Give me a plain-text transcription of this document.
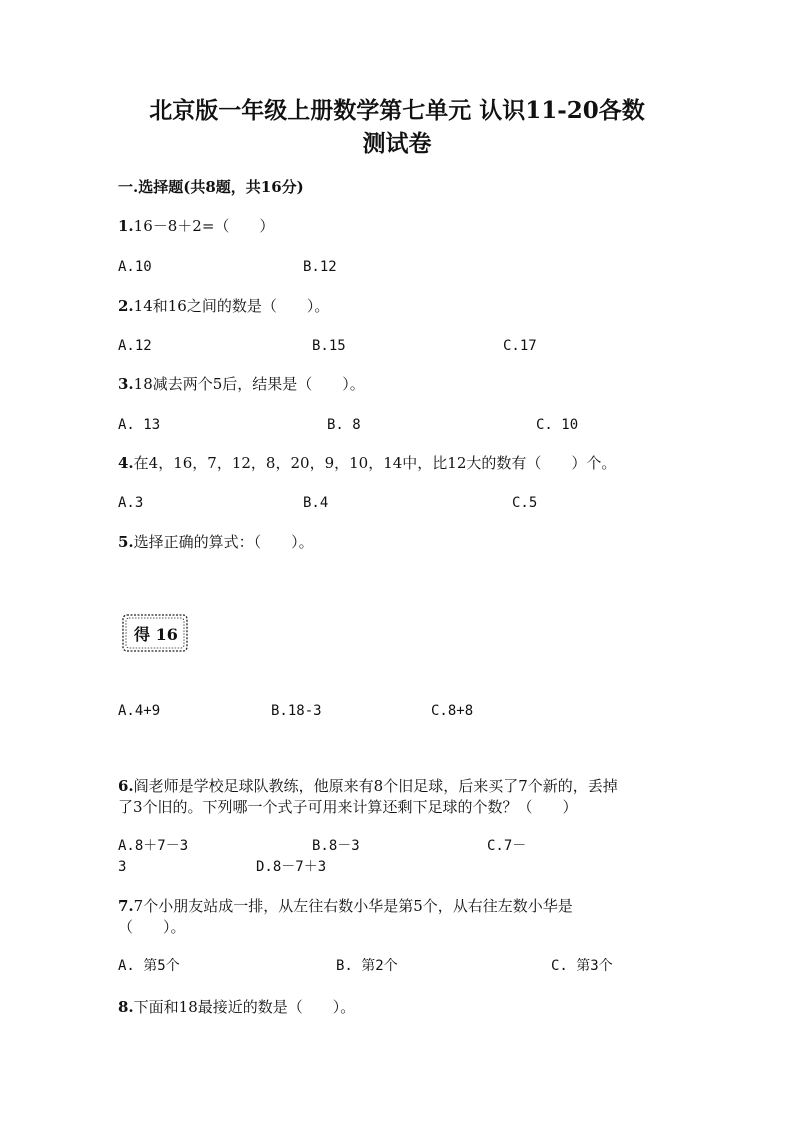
北京版一年级上册数学第七单元 认识11-20各数
测试卷
一.选择题(共8题，共16分)
1.16－8＋2=（　　）
A.10	B.12
2.14和16之间的数是（　　）。
A.12	B.15	C.17
3.18减去两个5后，结果是（　　）。
A. 13	B. 8	C. 10
4.在4，16，7，12，8，20，9，10，14中，比12大的数有（　　）个。
A.3	B.4	C.5
5.选择正确的算式：（　　）。
得 16
A.4+9	B.18-3	C.8+8
6.阎老师是学校足球队教练，他原来有8个旧足球，后来买了7个新的，丢掉
了3个旧的。下列哪一个式子可用来计算还剩下足球的个数？（　　）
A.8＋7－3	B.8－3	C.7－
3	D.8－7＋3
7.7个小朋友站成一排，从左往右数小华是第5个，从右往左数小华是
（　　）。
A. 第5个	B. 第2个	C. 第3个
8.下面和18最接近的数是（　　）。
